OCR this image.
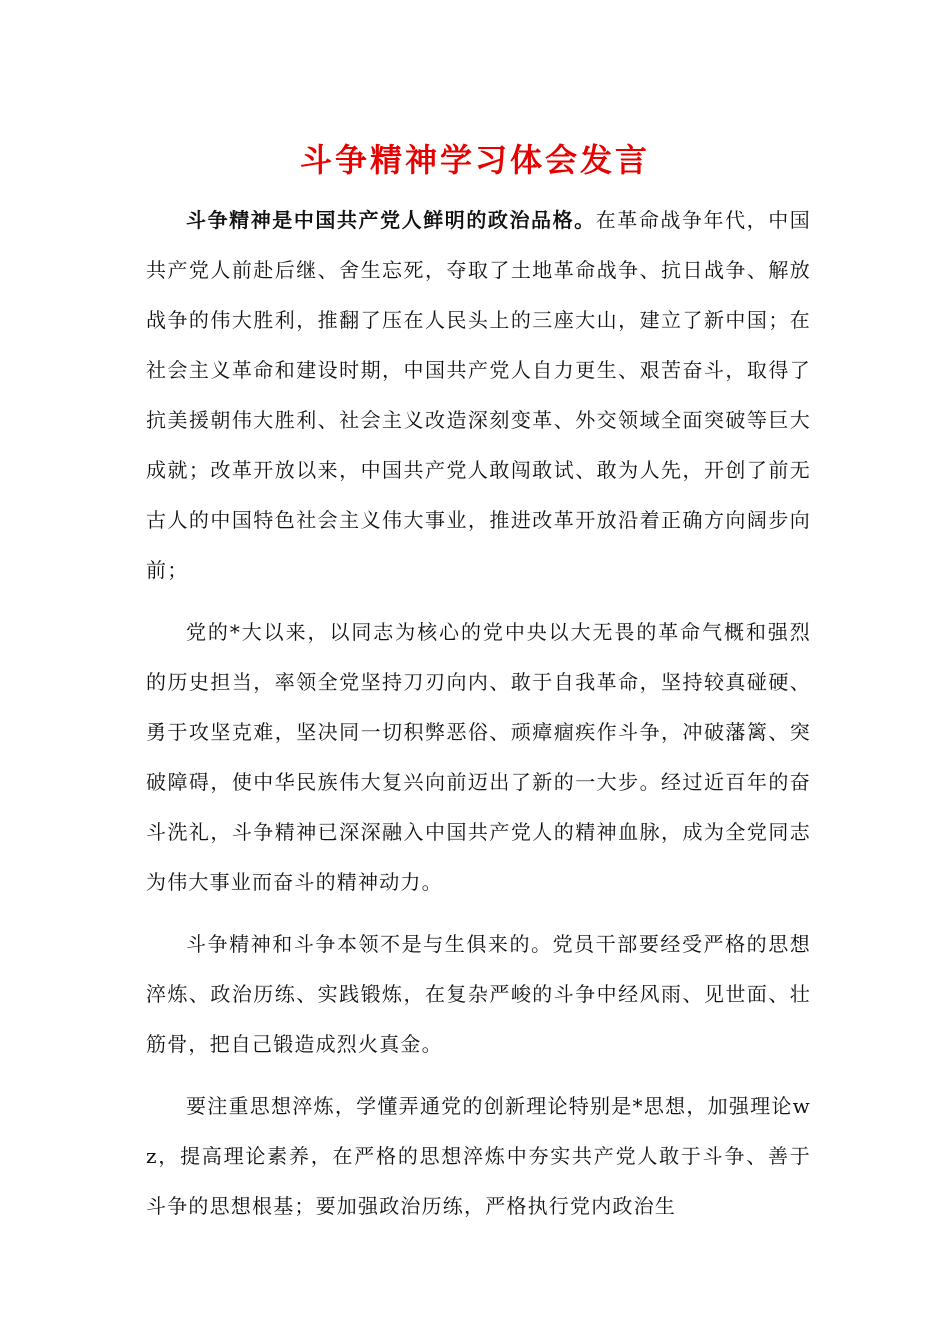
斗争精神学习体会发言

斗争精神是中国共产党人鲜明的政治品格。在革命战争年代，中国共产党人前赴后继、舍生忘死，夺取了土地革命战争、抗日战争、解放战争的伟大胜利，推翻了压在人民头上的三座大山，建立了新中国；在社会主义革命和建设时期，中国共产党人自力更生、艰苦奋斗，取得了抗美援朝伟大胜利、社会主义改造深刻变革、外交领域全面突破等巨大成就；改革开放以来，中国共产党人敢闯敢试、敢为人先，开创了前无古人的中国特色社会主义伟大事业，推进改革开放沿着正确方向阔步向前；

党的*大以来，以同志为核心的党中央以大无畏的革命气概和强烈的历史担当，率领全党坚持刀刃向内、敢于自我革命，坚持较真碰硬、勇于攻坚克难，坚决同一切积弊恶俗、顽瘴痼疾作斗争，冲破藩篱、突破障碍，使中华民族伟大复兴向前迈出了新的一大步。经过近百年的奋斗洗礼，斗争精神已深深融入中国共产党人的精神血脉，成为全党同志为伟大事业而奋斗的精神动力。

斗争精神和斗争本领不是与生俱来的。党员干部要经受严格的思想淬炼、政治历练、实践锻炼，在复杂严峻的斗争中经风雨、见世面、壮筋骨，把自己锻造成烈火真金。

要注重思想淬炼，学懂弄通党的创新理论特别是*思想，加强理论wz，提高理论素养，在严格的思想淬炼中夯实共产党人敢于斗争、善于斗争的思想根基；要加强政治历练，严格执行党内政治生
